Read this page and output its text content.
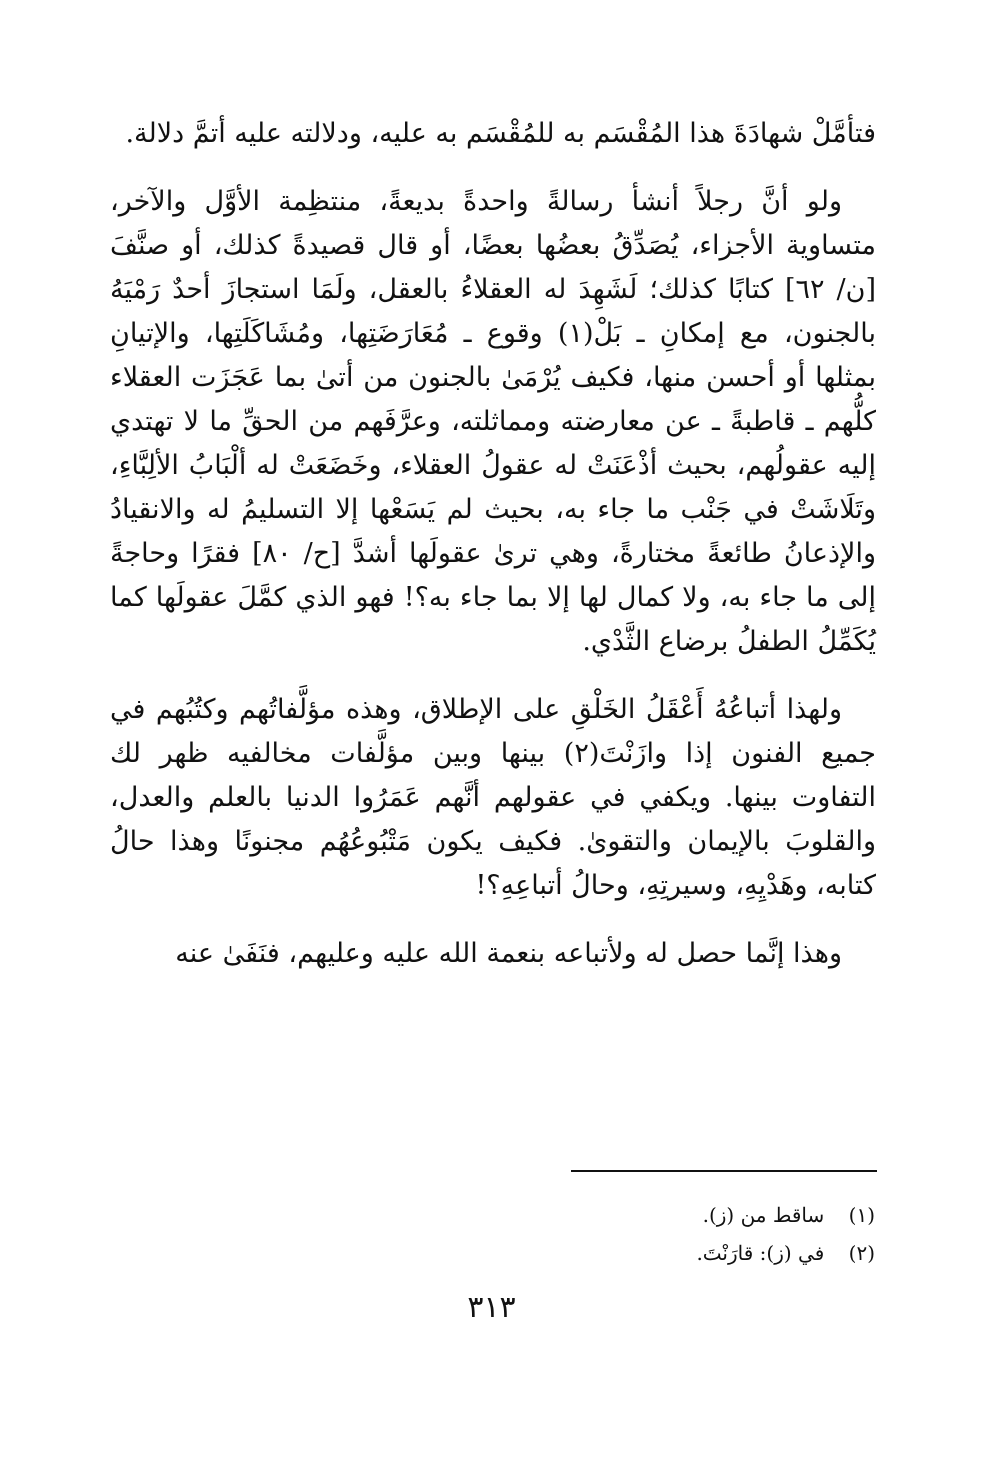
فتأمَّلْ شهادَةَ هذا المُقْسَم به للمُقْسَم به عليه، ودلالته عليه أتمَّ دلالة.

ولو أنَّ رجلاً أنشأ رسالةً واحدةً بديعةً، منتظِمة الأوَّل والآخر، متساوية الأجزاء، يُصَدِّقُ بعضُها بعضًا، أو قال قصيدةً كذلك، أو صنَّفَ [ن/ ٦٢] كتابًا كذلك؛ لَشَهِدَ له العقلاءُ بالعقل، ولَمَا استجازَ أحدٌ رَمْيَهُ بالجنون، مع إمكانِ ـ بَلْ(١) وقوع ـ مُعَارَضَتِها، ومُشَاكَلَتِها، والإتيانِ بمثلها أو أحسن منها، فكيف يُرْمَىٰ بالجنون من أتىٰ بما عَجَزَت العقلاء كلُّهم ـ قاطبةً ـ عن معارضته ومماثلته، وعرَّفَهم من الحقِّ ما لا تهتدي إليه عقولُهم، بحيث أذْعَنَتْ له عقولُ العقلاء، وخَضَعَتْ له ألْبَابُ الألِبَّاءِ، وتَلَاشَتْ في جَنْب ما جاء به، بحيث لم يَسَعْها إلا التسليمُ له والانقيادُ والإذعانُ طائعةً مختارةً، وهي ترىٰ عقولَها أشدَّ [ح/ ٨٠] فقرًا وحاجةً إلى ما جاء به، ولا كمال لها إلا بما جاء به؟! فهو الذي كمَّلَ عقولَها كما يُكَمِّلُ الطفلُ برضاع الثَّدْي.

ولهذا أتباعُهُ أَعْقَلُ الخَلْقِ على الإطلاق، وهذه مؤلَّفاتُهم وكتُبُهم في جميع الفنون إذا وازَنْتَ(٢) بينها وبين مؤلَّفات مخالفيه ظهر لك التفاوت بينها. ويكفي في عقولهم أنَّهم عَمَرُوا الدنيا بالعلم والعدل، والقلوبَ بالإيمان والتقوىٰ. فكيف يكون مَتْبُوعُهُم مجنونًا وهذا حالُ كتابه، وهَدْيِهِ، وسيرتِهِ، وحالُ أتباعِهِ؟!

وهذا إنَّما حصل له ولأتباعه بنعمة الله عليه وعليهم، فنَفَىٰ عنه

(١) ساقط من (ز).
(٢) في (ز): قارَنْتَ.
٣١٣
